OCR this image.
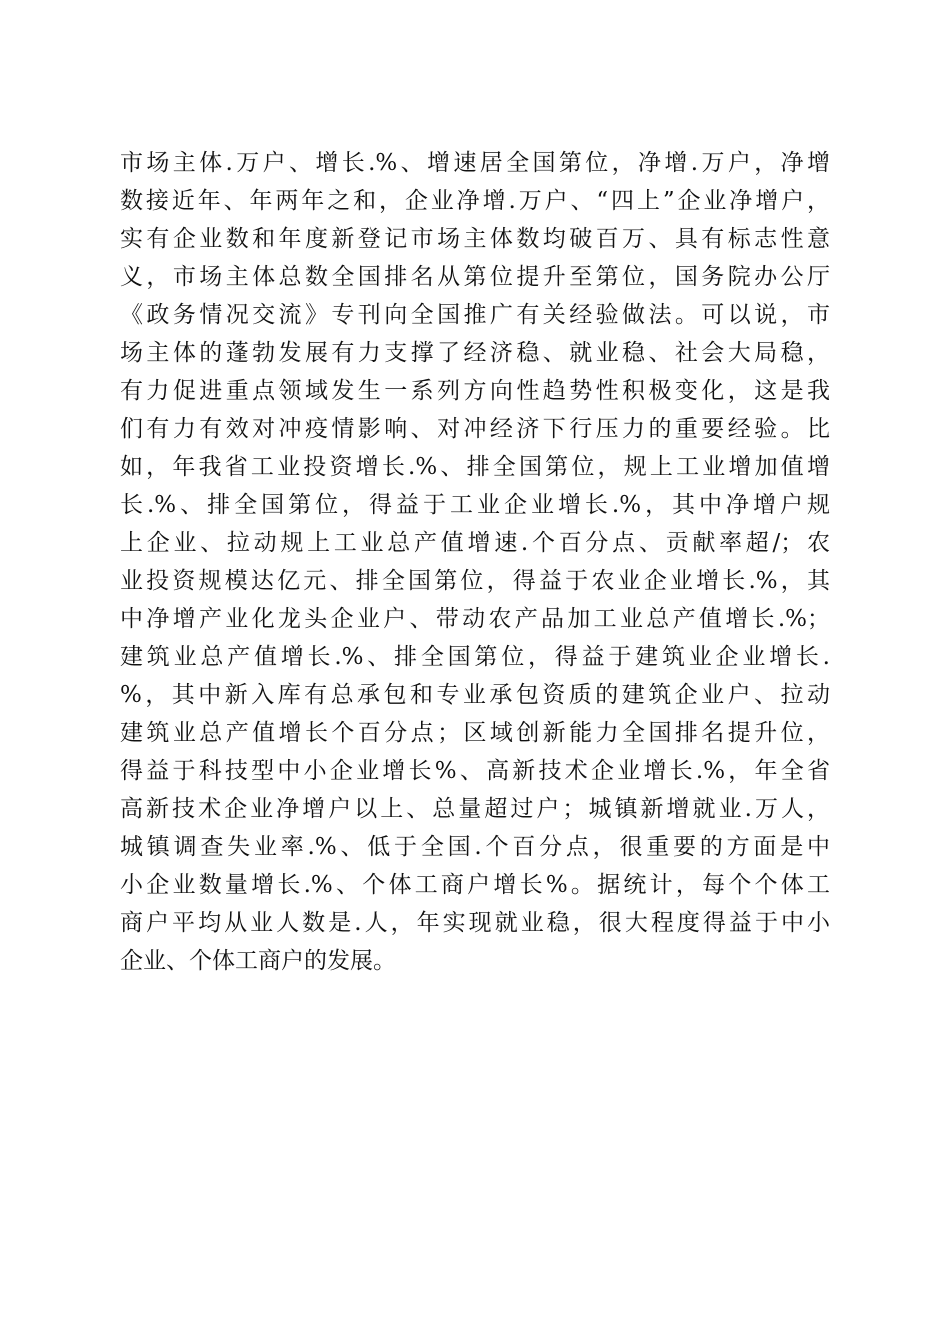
市场主体.万户、增长.%、增速居全国第位，净增.万户，净增
数接近年、年两年之和，企业净增.万户、“四上”企业净增户，
实有企业数和年度新登记市场主体数均破百万、具有标志性意
义，市场主体总数全国排名从第位提升至第位，国务院办公厅
《政务情况交流》专刊向全国推广有关经验做法。可以说，市
场主体的蓬勃发展有力支撑了经济稳、就业稳、社会大局稳，
有力促进重点领域发生一系列方向性趋势性积极变化，这是我
们有力有效对冲疫情影响、对冲经济下行压力的重要经验。比
如，年我省工业投资增长.%、排全国第位，规上工业增加值增
长.%、排全国第位，得益于工业企业增长.%，其中净增户规
上企业、拉动规上工业总产值增速.个百分点、贡献率超/；农
业投资规模达亿元、排全国第位，得益于农业企业增长.%，其
中净增产业化龙头企业户、带动农产品加工业总产值增长.%；
建筑业总产值增长.%、排全国第位，得益于建筑业企业增长.
%，其中新入库有总承包和专业承包资质的建筑企业户、拉动
建筑业总产值增长个百分点；区域创新能力全国排名提升位，
得益于科技型中小企业增长%、高新技术企业增长.%，年全省
高新技术企业净增户以上、总量超过户；城镇新增就业.万人，
城镇调查失业率.%、低于全国.个百分点，很重要的方面是中
小企业数量增长.%、个体工商户增长%。据统计，每个个体工
商户平均从业人数是.人，年实现就业稳，很大程度得益于中小
企业、个体工商户的发展。
